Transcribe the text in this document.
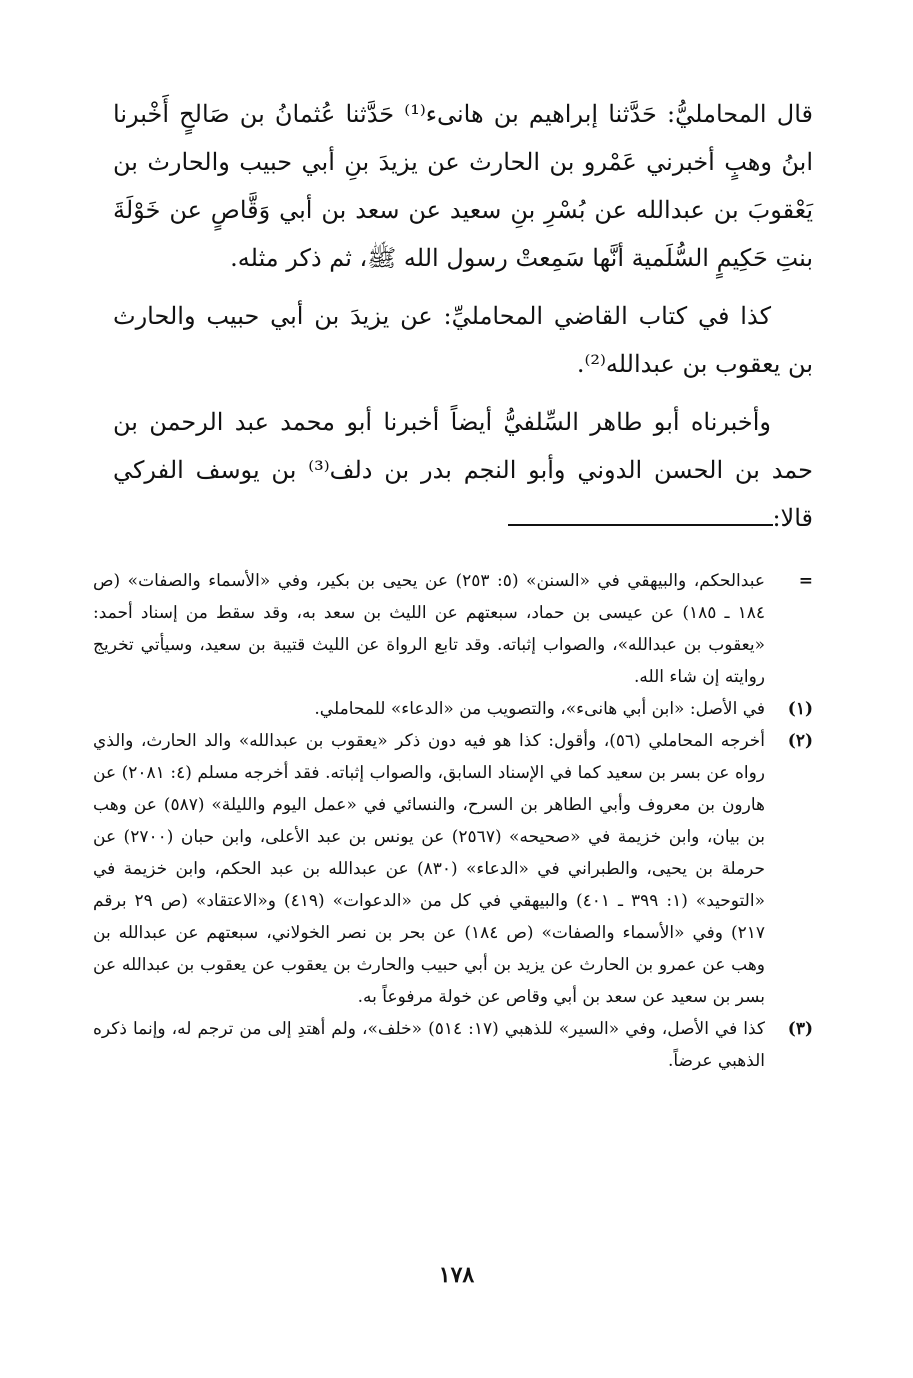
قال المحامليُّ: حَدَّثنا إبراهيم بن هانىء⁽¹⁾ حَدَّثنا عُثمانُ بن صَالحٍ أَخْبرنا ابنُ وهبٍ أخبرني عَمْرو بن الحارث عن يزيدَ بنِ أبي حبيب والحارث بن يَعْقوبَ بن عبدالله عن بُسْرِ بنِ سعيد عن سعد بن أبي وَقَّاصٍ عن خَوْلَةَ بنتِ حَكِيمٍ السُّلَمية أنَّها سَمِعتْ رسول الله ﷺ، ثم ذكر مثله.

كذا في كتاب القاضي المحامليِّ: عن يزيدَ بن أبي حبيب والحارث بن يعقوب بن عبدالله⁽²⁾.

وأخبرناه أبو طاهر السِّلفيُّ أيضاً أخبرنا أبو محمد عبد الرحمن بن حمد بن الحسن الدوني وأبو النجم بدر بن دلف⁽³⁾ بن يوسف الفركي قالا:

=
عبدالحكم، والبيهقي في «السنن» (٥: ٢٥٣) عن يحيى بن بكير، وفي «الأسماء والصفات» (ص ١٨٤ ـ ١٨٥) عن عيسى بن حماد، سبعتهم عن الليث بن سعد به، وقد سقط من إسناد أحمد: «يعقوب بن عبدالله»، والصواب إثباته. وقد تابع الرواة عن الليث قتيبة بن سعيد، وسيأتي تخريج روايته إن شاء الله.
(١)
في الأصل: «ابن أبي هانىء»، والتصويب من «الدعاء» للمحاملي.
(٢)
أخرجه المحاملي (٥٦)، وأقول: كذا هو فيه دون ذكر «يعقوب بن عبدالله» والد الحارث، والذي رواه عن بسر بن سعيد كما في الإسناد السابق، والصواب إثباته. فقد أخرجه مسلم (٤: ٢٠٨١) عن هارون بن معروف وأبي الطاهر بن السرح، والنسائي في «عمل اليوم والليلة» (٥٨٧) عن وهب بن بيان، وابن خزيمة في «صحيحه» (٢٥٦٧) عن يونس بن عبد الأعلى، وابن حبان (٢٧٠٠) عن حرملة بن يحيى، والطبراني في «الدعاء» (٨٣٠) عن عبدالله بن عبد الحكم، وابن خزيمة في «التوحيد» (١: ٣٩٩ ـ ٤٠١) والبيهقي في كل من «الدعوات» (٤١٩) و«الاعتقاد» (ص ٢٩ برقم ٢١٧) وفي «الأسماء والصفات» (ص ١٨٤) عن بحر بن نصر الخولاني، سبعتهم عن عبدالله بن وهب عن عمرو بن الحارث عن يزيد بن أبي حبيب والحارث بن يعقوب عن يعقوب بن عبدالله عن بسر بن سعيد عن سعد بن أبي وقاص عن خولة مرفوعاً به.
(٣)
كذا في الأصل، وفي «السير» للذهبي (١٧: ٥١٤) «خلف»، ولم أهتدِ إلى من ترجم له، وإنما ذكره الذهبي عرضاً.
١٧٨
